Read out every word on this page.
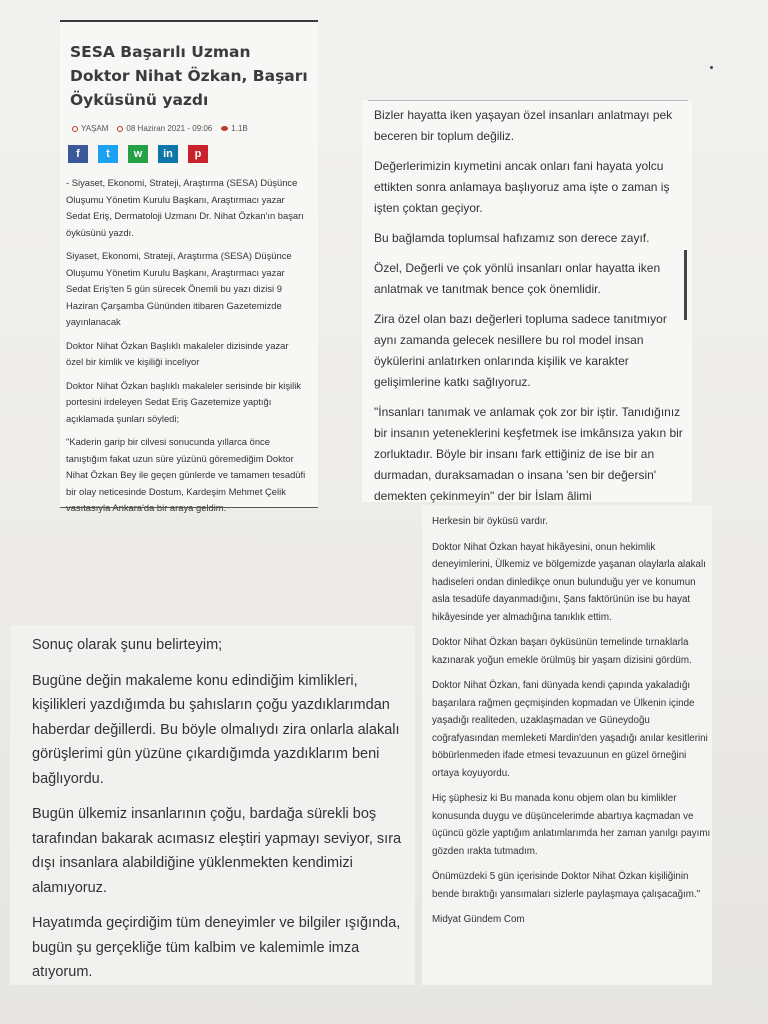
SESA Başarılı Uzman Doktor Nihat Özkan, Başarı Öyküsünü yazdı
YAŞAM 08 Haziran 2021 - 09:06 1.1B
f	t	w	in	p

- Siyaset, Ekonomi, Strateji, Araştırma (SESA) Düşünce Oluşumu Yönetim Kurulu Başkanı, Araştırmacı yazar Sedat Eriş, Dermatoloji Uzmanı Dr. Nihat Özkan'ın başarı öyküsünü yazdı.

Siyaset, Ekonomi, Strateji, Araştırma (SESA) Düşünce Oluşumu Yönetim Kurulu Başkanı, Araştırmacı yazar Sedat Eriş'ten 5 gün sürecek Önemli bu yazı dizisi 9 Haziran Çarşamba Gününden itibaren Gazetemizde yayınlanacak

Doktor Nihat Özkan Başlıklı makaleler dizisinde yazar özel bir kimlik ve kişiliği inceliyor

Doktor Nihat Özkan başlıklı makaleler serisinde bir kişilik portesini irdeleyen Sedat Eriş Gazetemize yaptığı açıklamada şunları söyledi;

"Kaderin garip bir cilvesi sonucunda yıllarca önce tanıştığım fakat uzun süre yüzünü göremediğim Doktor Nihat Özkan Bey ile geçen günlerde ve tamamen tesadüfi bir olay neticesinde Dostum, Kardeşim Mehmet Çelik vasıtasıyla Ankara'da bir araya geldim.

Bizler hayatta iken yaşayan özel insanları anlatmayı pek beceren bir toplum değiliz.

Değerlerimizin kıymetini ancak onları fani hayata yolcu ettikten sonra anlamaya başlıyoruz ama işte o zaman iş işten çoktan geçiyor.

Bu bağlamda toplumsal hafızamız son derece zayıf.

Özel, Değerli ve çok yönlü insanları onlar hayatta iken anlatmak ve tanıtmak bence çok önemlidir.

Zira özel olan bazı değerleri topluma sadece tanıtmıyor aynı zamanda gelecek nesillere bu rol model insan öykülerini anlatırken onlarında kişilik ve karakter gelişimlerine katkı sağlıyoruz.

"İnsanları tanımak ve anlamak çok zor bir iştir. Tanıdığınız bir insanın yeteneklerini keşfetmek ise imkânsıza yakın bir zorluktadır. Böyle bir insanı fark ettiğiniz de ise bir an durmadan, duraksamadan o insana 'sen bir değersin' demekten çekinmeyin" der bir İslam âlimi

Herkesin bir öyküsü vardır.

Doktor Nihat Özkan hayat hikâyesini, onun hekimlik deneyimlerini, Ülkemiz ve bölgemizde yaşanan olaylarla alakalı hadiseleri ondan dinledikçe onun bulunduğu yer ve konumun asla tesadüfe dayanmadığını, Şans faktörünün ise bu hayat hikâyesinde yer almadığına tanıklık ettim.

Doktor Nihat Özkan başarı öyküsünün temelinde tırnaklarla kazınarak yoğun emekle örülmüş bir yaşam dizisini gördüm.

Doktor Nihat Özkan, fani dünyada kendi çapında yakaladığı başarılara rağmen geçmişinden kopmadan ve Ülkenin içinde yaşadığı realiteden, uzaklaşmadan ve Güneydoğu coğrafyasından memleketi Mardin'den yaşadığı anılar kesitlerini böbürlenmeden ifade etmesi tevazuunun en güzel örneğini ortaya koyuyordu.

Hiç şüphesiz ki Bu manada konu objem olan bu kimlikler konusunda duygu ve düşüncelerimde abartıya kaçmadan ve üçüncü gözle yaptığım anlatımlarımda her zaman yanılgı payımı gözden ırakta tutmadım.

Önümüzdeki 5 gün içerisinde Doktor Nihat Özkan kişiliğinin bende bıraktığı yansımaları sizlerle paylaşmaya çalışacağım."

Midyat Gündem Com

Sonuç olarak şunu belirteyim;

Bugüne değin makaleme konu edindiğim kimlikleri, kişilikleri yazdığımda bu şahısların çoğu yazdıklarımdan haberdar değillerdi. Bu böyle olmalıydı zira onlarla alakalı görüşlerimi gün yüzüne çıkardığımda yazdıklarım beni bağlıyordu.

Bugün ülkemiz insanlarının çoğu, bardağa sürekli boş tarafından bakarak acımasız eleştiri yapmayı seviyor, sıra dışı insanlara alabildiğine yüklenmekten kendimizi alamıyoruz.

Hayatımda geçirdiğim tüm deneyimler ve bilgiler ışığında, bugün şu gerçekliğe tüm kalbim ve kalemimle imza atıyorum.
